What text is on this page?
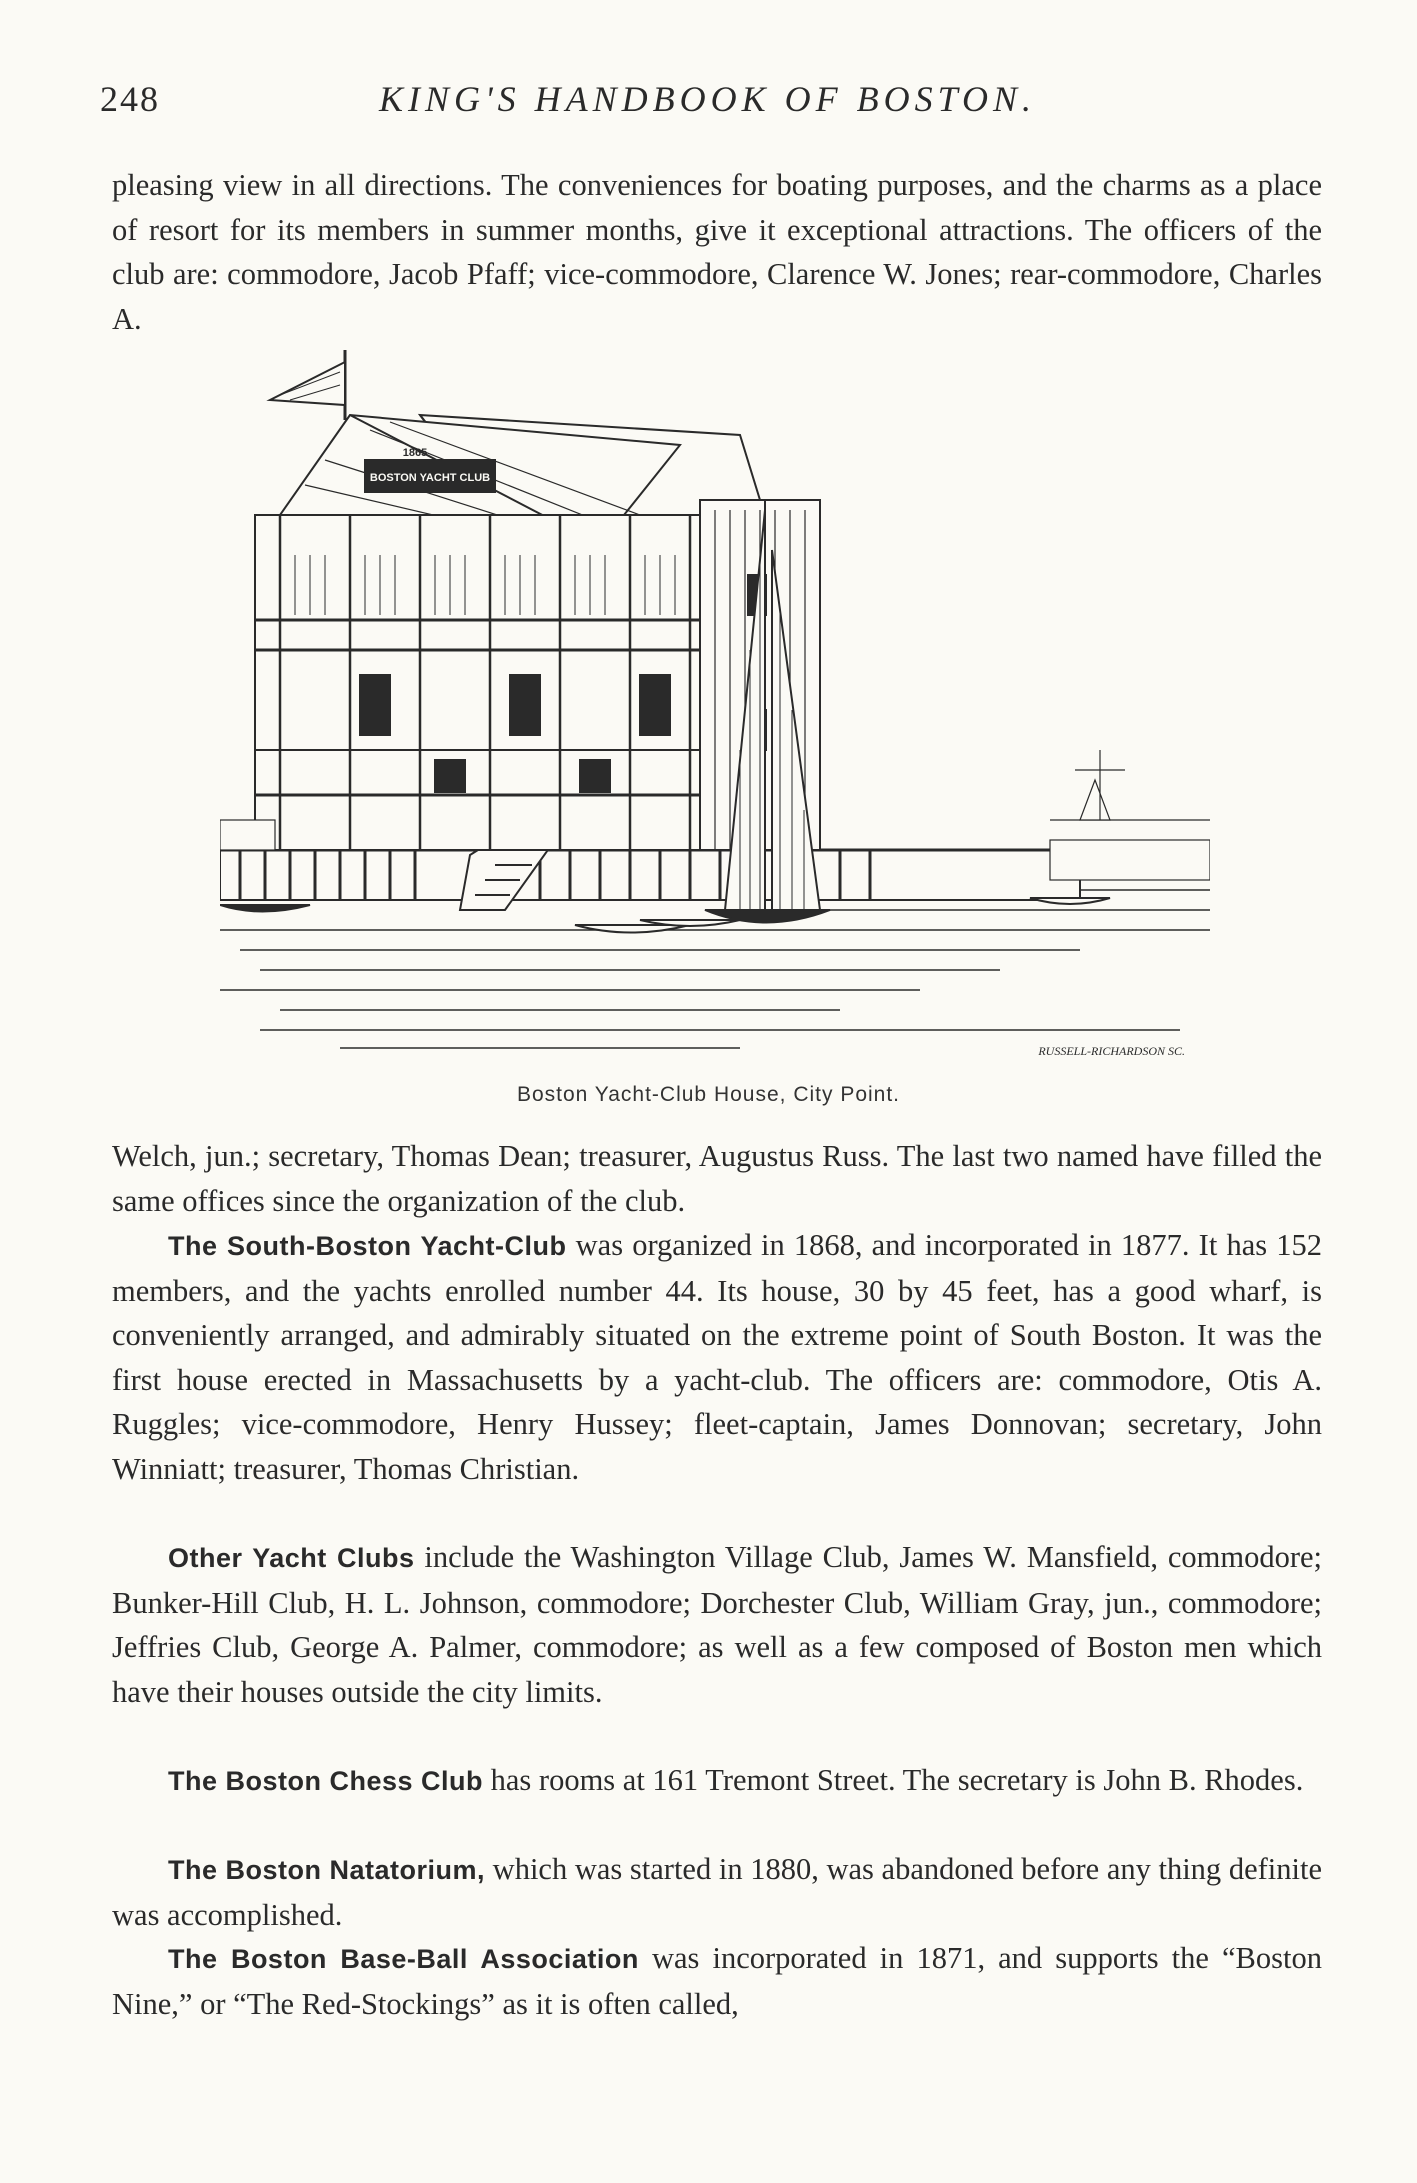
248	KING'S HANDBOOK OF BOSTON.

pleasing view in all directions. The conveniences for boating purposes, and the charms as a place of resort for its members in summer months, give it exceptional attractions. The officers of the club are: commodore, Jacob Pfaff; vice-commodore, Clarence W. Jones; rear-commodore, Charles A.

1865
BOSTON YACHT CLUB
RUSSELL-RICHARDSON SC.
Boston Yacht-Club House, City Point.

Welch, jun.; secretary, Thomas Dean; treasurer, Augustus Russ. The last two named have filled the same offices since the organization of the club.

The South-Boston Yacht-Club was organized in 1868, and incorporated in 1877. It has 152 members, and the yachts enrolled number 44. Its house, 30 by 45 feet, has a good wharf, is conveniently arranged, and admirably situated on the extreme point of South Boston. It was the first house erected in Massachusetts by a yacht-club. The officers are: commodore, Otis A. Ruggles; vice-commodore, Henry Hussey; fleet-captain, James Donnovan; secretary, John Winniatt; treasurer, Thomas Christian.

Other Yacht Clubs include the Washington Village Club, James W. Mansfield, commodore; Bunker-Hill Club, H. L. Johnson, commodore; Dorchester Club, William Gray, jun., commodore; Jeffries Club, George A. Palmer, commodore; as well as a few composed of Boston men which have their houses outside the city limits.

The Boston Chess Club has rooms at 161 Tremont Street. The secretary is John B. Rhodes.

The Boston Natatorium, which was started in 1880, was abandoned before any thing definite was accomplished.

The Boston Base-Ball Association was incorporated in 1871, and supports the “Boston Nine,” or “The Red-Stockings” as it is often called,
